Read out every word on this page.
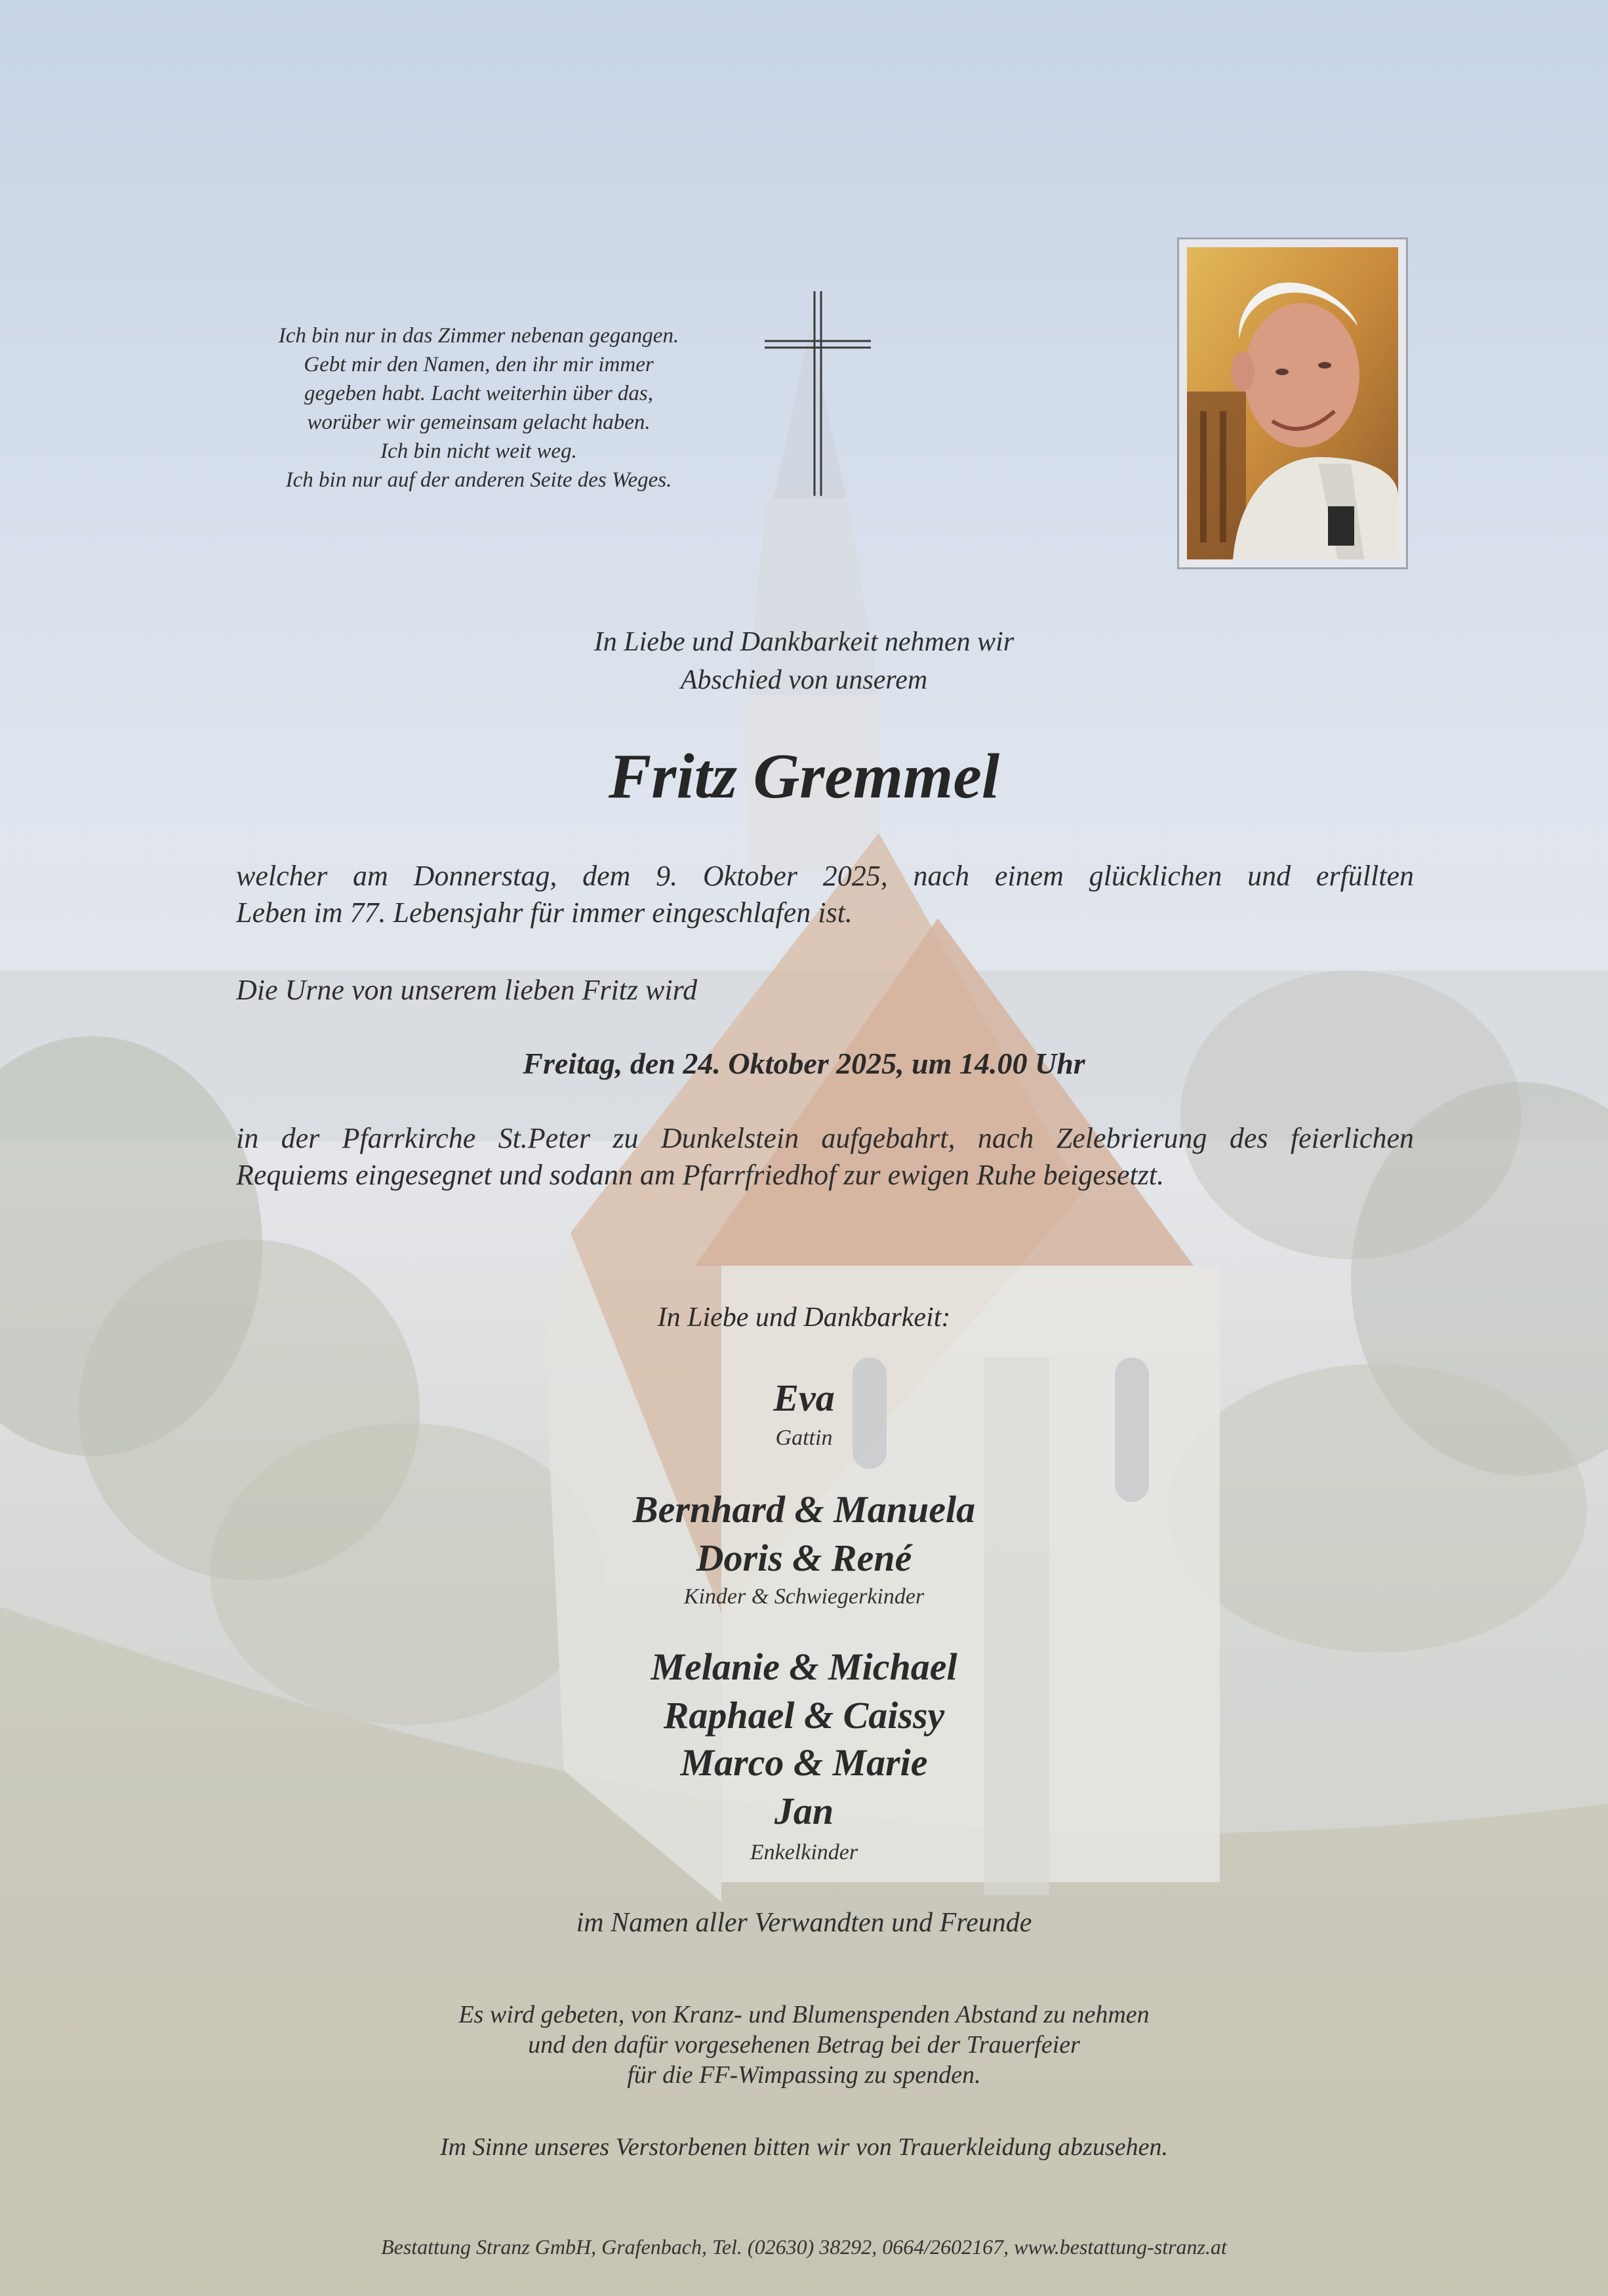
Ich bin nur in das Zimmer nebenan gegangen.
Gebt mir den Namen, den ihr mir immer
gegeben habt. Lacht weiterhin über das,
worüber wir gemeinsam gelacht haben.
Ich bin nicht weit weg.
Ich bin nur auf der anderen Seite des Weges.
In Liebe und Dankbarkeit nehmen wir
Abschied von unserem
Fritz Gremmel
welcher am Donnerstag, dem 9. Oktober 2025, nach einem glücklichen und erfüllten
Leben im 77. Lebensjahr für immer eingeschlafen ist.
Die Urne von unserem lieben Fritz wird
Freitag, den 24. Oktober 2025, um 14.00 Uhr
in der Pfarrkirche St.Peter zu Dunkelstein aufgebahrt, nach Zelebrierung des feierlichen
Requiems eingesegnet und sodann am Pfarrfriedhof zur ewigen Ruhe beigesetzt.
In Liebe und Dankbarkeit:
Eva
Gattin
Bernhard & Manuela
Doris & René
Kinder & Schwiegerkinder
Melanie & Michael
Raphael & Caissy
Marco & Marie
Jan
Enkelkinder
im Namen aller Verwandten und Freunde
Es wird gebeten, von Kranz- und Blumenspenden Abstand zu nehmen
und den dafür vorgesehenen Betrag bei der Trauerfeier
für die FF-Wimpassing zu spenden.
Im Sinne unseres Verstorbenen bitten wir von Trauerkleidung abzusehen.
Bestattung Stranz GmbH, Grafenbach, Tel. (02630) 38292, 0664/2602167, www.bestattung-stranz.at
